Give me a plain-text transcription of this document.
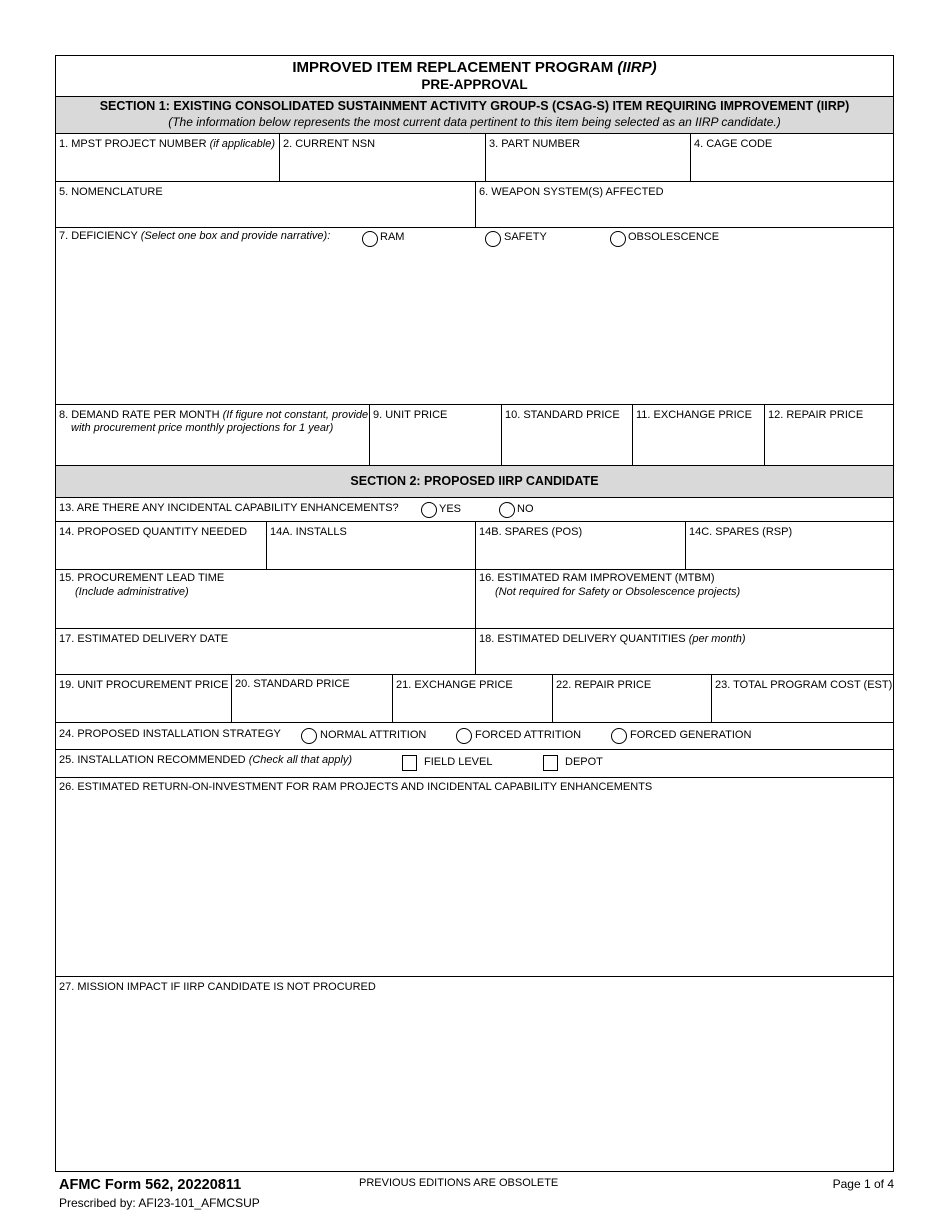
IMPROVED ITEM REPLACEMENT PROGRAM (IIRP)
PRE-APPROVAL
SECTION 1: EXISTING CONSOLIDATED SUSTAINMENT ACTIVITY GROUP-S (CSAG-S) ITEM REQUIRING IMPROVEMENT (IIRP)
(The information below represents the most current data pertinent to this item being selected as an IIRP candidate.)
1. MPST PROJECT NUMBER (if applicable) 2. CURRENT NSN	3. PART NUMBER	4. CAGE CODE
5. NOMENCLATURE	6. WEAPON SYSTEM(S) AFFECTED
7. DEFICIENCY (Select one box and provide narrative):	RAM	SAFETY	OBSOLESCENCE
8. DEMAND RATE PER MONTH (If figure not constant, provide
with procurement price monthly projections for 1 year)
9. UNIT PRICE	10. STANDARD PRICE 11. EXCHANGE PRICE 12. REPAIR PRICE
SECTION 2: PROPOSED IIRP CANDIDATE
13. ARE THERE ANY INCIDENTAL CAPABILITY ENHANCEMENTS?	YES	NO
14. PROPOSED QUANTITY NEEDED 14A. INSTALLS	14B. SPARES (POS)	14C. SPARES (RSP)
15. PROCUREMENT LEAD TIME
(Include administrative)
16. ESTIMATED RAM IMPROVEMENT (MTBM)
(Not required for Safety or Obsolescence projects)
17. ESTIMATED DELIVERY DATE	18. ESTIMATED DELIVERY QUANTITIES (per month)
19. UNIT PROCUREMENT PRICE 20. STANDARD PRICE	21. EXCHANGE PRICE	22. REPAIR PRICE	23. TOTAL PROGRAM COST (EST)
24. PROPOSED INSTALLATION STRATEGY	NORMAL ATTRITION	FORCED ATTRITION	FORCED GENERATION
25. INSTALLATION RECOMMENDED (Check all that apply)	FIELD LEVEL	DEPOT
26. ESTIMATED RETURN-ON-INVESTMENT FOR RAM PROJECTS AND INCIDENTAL CAPABILITY ENHANCEMENTS
27. MISSION IMPACT IF IIRP CANDIDATE IS NOT PROCURED
AFMC Form 562, 20220811
Prescribed by: AFI23-101_AFMCSUP
PREVIOUS EDITIONS ARE OBSOLETE	Page 1 of 4
